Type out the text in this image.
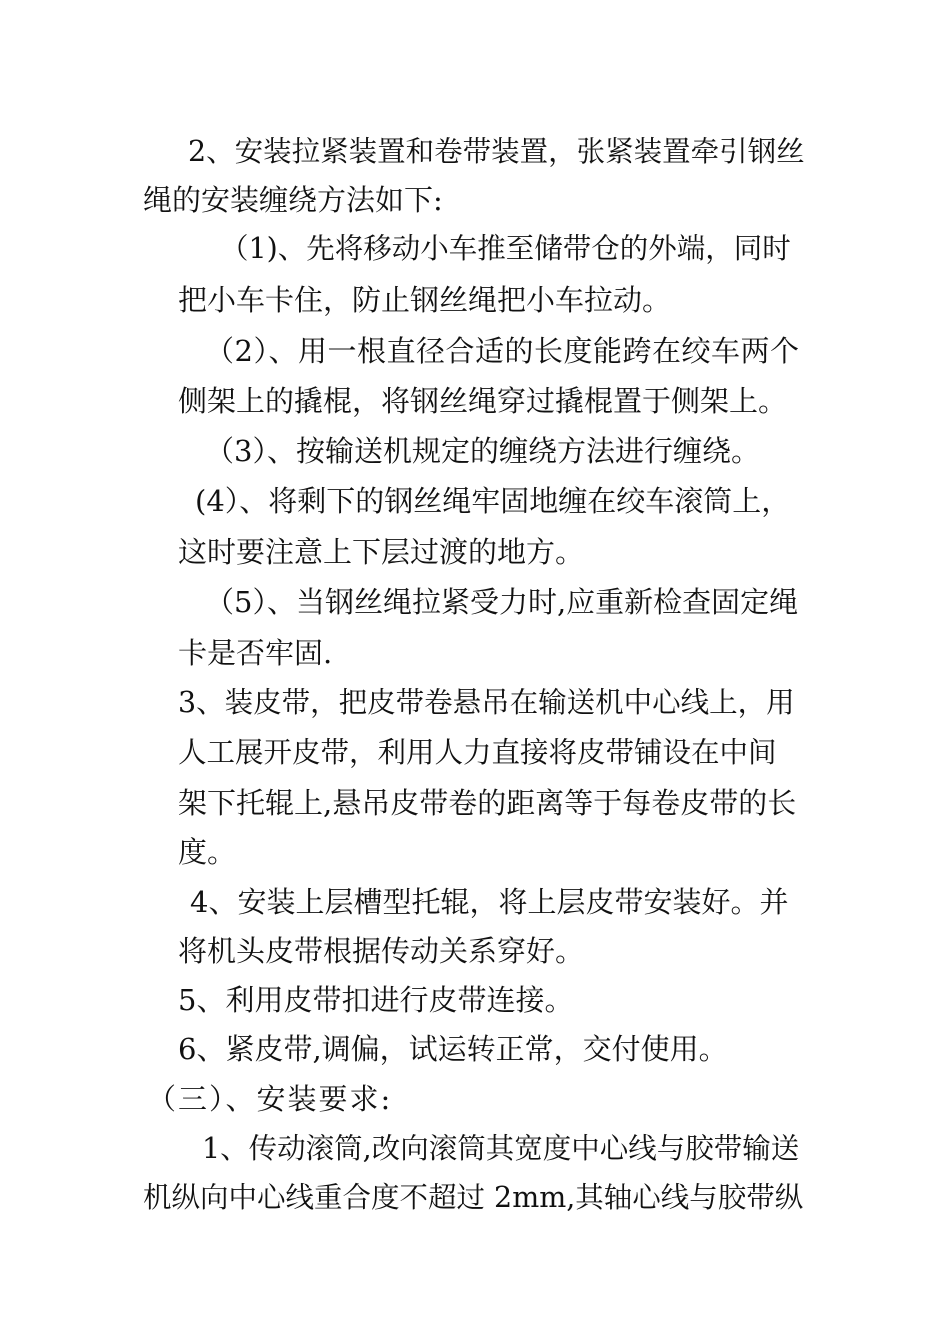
2、安装拉紧装置和卷带装置，张紧装置牵引钢丝
绳的安装缠绕方法如下:
（1)、先将移动小车推至储带仓的外端，同时
把小车卡住，防止钢丝绳把小车拉动。
（2）、用一根直径合适的长度能跨在绞车两个
侧架上的撬棍，将钢丝绳穿过撬棍置于侧架上。
（3）、按输送机规定的缠绕方法进行缠绕。
(4）、将剩下的钢丝绳牢固地缠在绞车滚筒上，
这时要注意上下层过渡的地方。
（5）、当钢丝绳拉紧受力时,应重新检查固定绳
卡是否牢固.
3、装皮带，把皮带卷悬吊在输送机中心线上，用
人工展开皮带，利用人力直接将皮带铺设在中间
架下托辊上,悬吊皮带卷的距离等于每卷皮带的长
度。
4、安装上层槽型托辊，将上层皮带安装好。并
将机头皮带根据传动关系穿好。
5、利用皮带扣进行皮带连接。
6、紧皮带,调偏，试运转正常，交付使用。
（三）、安装要求:
1、传动滚筒,改向滚筒其宽度中心线与胶带输送
机纵向中心线重合度不超过 2mm,其轴心线与胶带纵
